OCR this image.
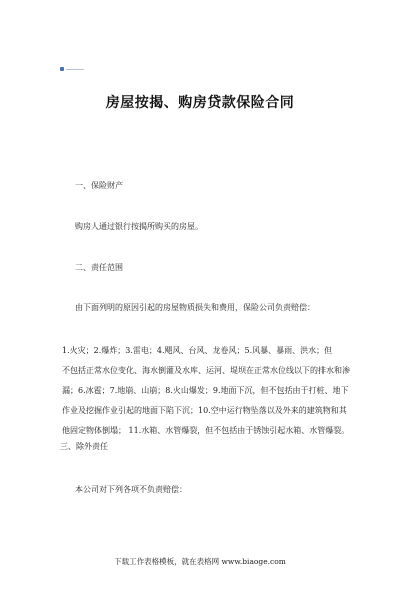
房屋按揭、购房贷款保险合同
一、保险财产
购房人通过银行按揭所购买的房屋。
二、责任范围
由下面列明的原因引起的房屋物质损失和费用，保险公司负责赔偿：
1.火灾；2.爆炸；3.雷电；4.飓风、台风、龙卷风；5.风暴、暴雨、洪水；但
不包括正常水位变化、海水倒灌及水库、运河、堤坝在正常水位线以下的排水和渗
漏；6.冰雹；7.地崩、山崩；8.火山爆发；9.地面下沉，但不包括由于打桩、地下
作业及挖掘作业引起的地面下陷下沉；10.空中运行物坠落以及外来的建筑物和其
他固定物体倒塌； 11.水箱、水管爆裂，但不包括由于锈蚀引起水箱、水管爆裂。
三、除外责任
本公司对下列各项不负责赔偿：
下载工作表格模板，就在表格网 www.biaoge.com
